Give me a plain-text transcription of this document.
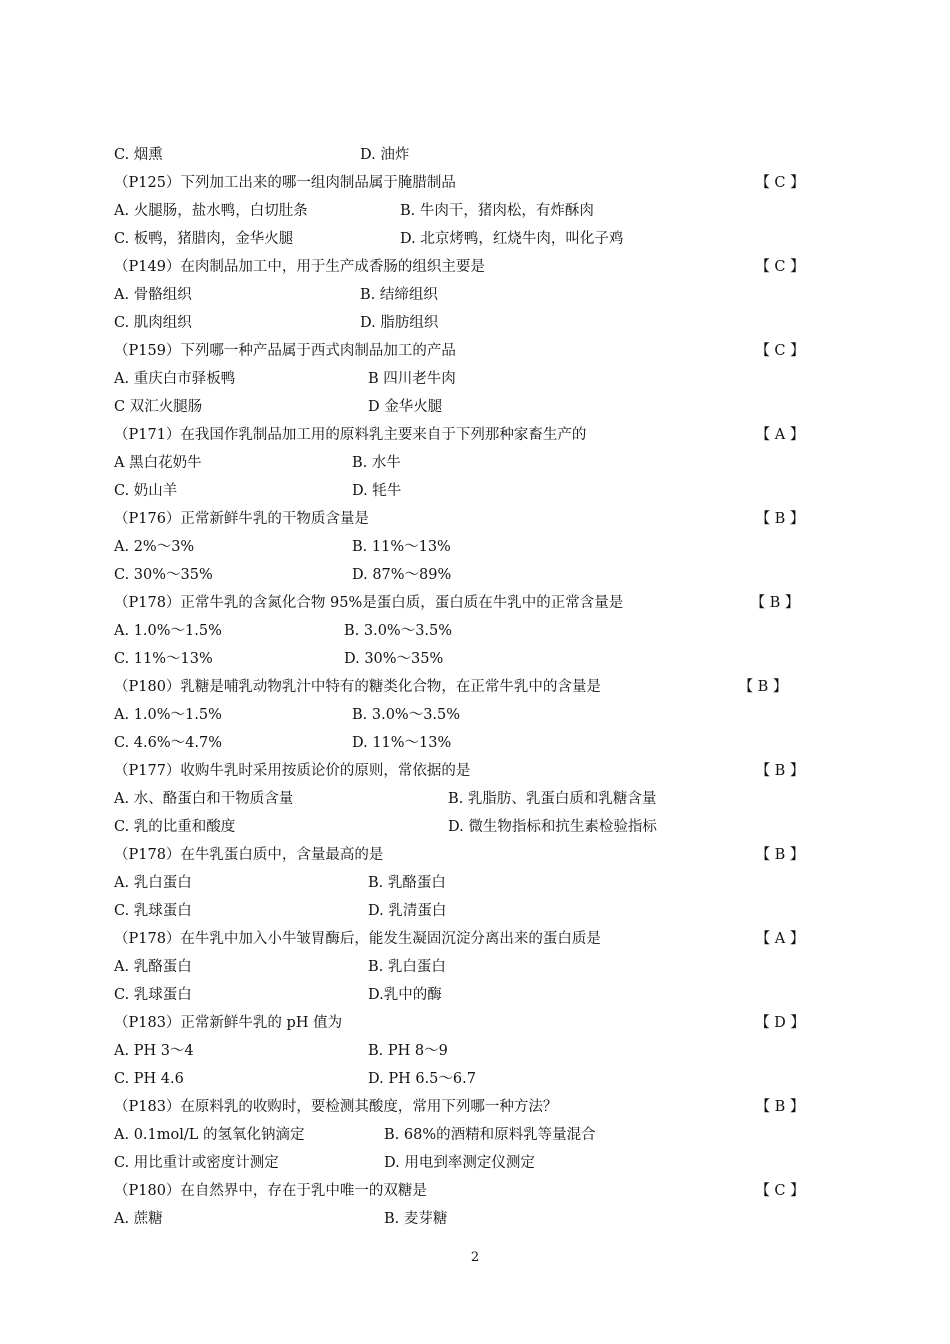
C. 烟熏	D. 油炸
（P125）下列加工出来的哪一组肉制品属于腌腊制品	【 C 】
A. 火腿肠，盐水鸭，白切肚条	B. 牛肉干，猪肉松，有炸酥肉
C. 板鸭，猪腊肉，金华火腿	D. 北京烤鸭，红烧牛肉，叫化子鸡
（P149）在肉制品加工中，用于生产成香肠的组织主要是	【 C 】
A. 骨骼组织	B. 结缔组织
C. 肌肉组织	D. 脂肪组织
（P159）下列哪一种产品属于西式肉制品加工的产品	【 C 】
A. 重庆白市驿板鸭	B 四川老牛肉
C 双汇火腿肠	D 金华火腿
（P171）在我国作乳制品加工用的原料乳主要来自于下列那种家畜生产的	【 A 】
A 黑白花奶牛	B. 水牛
C. 奶山羊	D. 牦牛
（P176）正常新鲜牛乳的干物质含量是	【 B 】
A. 2%～3%	B. 11%～13%
C. 30%～35%	D. 87%～89%
（P178）正常牛乳的含氮化合物 95%是蛋白质，蛋白质在牛乳中的正常含量是	【 B 】
A. 1.0%～1.5%	B. 3.0%～3.5%
C. 11%～13%	D. 30%～35%
（P180）乳糖是哺乳动物乳汁中特有的糖类化合物，在正常牛乳中的含量是	【 B 】
A. 1.0%～1.5%	B. 3.0%～3.5%
C. 4.6%～4.7%	D. 11%～13%
（P177）收购牛乳时采用按质论价的原则，常依据的是	【 B 】
A. 水、酪蛋白和干物质含量	B. 乳脂肪、乳蛋白质和乳糖含量
C. 乳的比重和酸度	D. 微生物指标和抗生素检验指标
（P178）在牛乳蛋白质中，含量最高的是	【 B 】
A. 乳白蛋白	B. 乳酪蛋白
C. 乳球蛋白	D. 乳清蛋白
（P178）在牛乳中加入小牛皱胃酶后，能发生凝固沉淀分离出来的蛋白质是	【 A 】
A. 乳酪蛋白	B. 乳白蛋白
C. 乳球蛋白	D.乳中的酶
（P183）正常新鲜牛乳的 pH 值为	【 D 】
A. PH 3～4	B. PH 8～9
C. PH 4.6	D. PH 6.5～6.7
（P183）在原料乳的收购时，要检测其酸度，常用下列哪一种方法？	【 B 】
A. 0.1mol/L 的氢氧化钠滴定	B. 68%的酒精和原料乳等量混合
C. 用比重计或密度计测定	D. 用电到率测定仪测定
（P180）在自然界中，存在于乳中唯一的双糖是	【 C 】
A. 蔗糖	B. 麦芽糖
2
